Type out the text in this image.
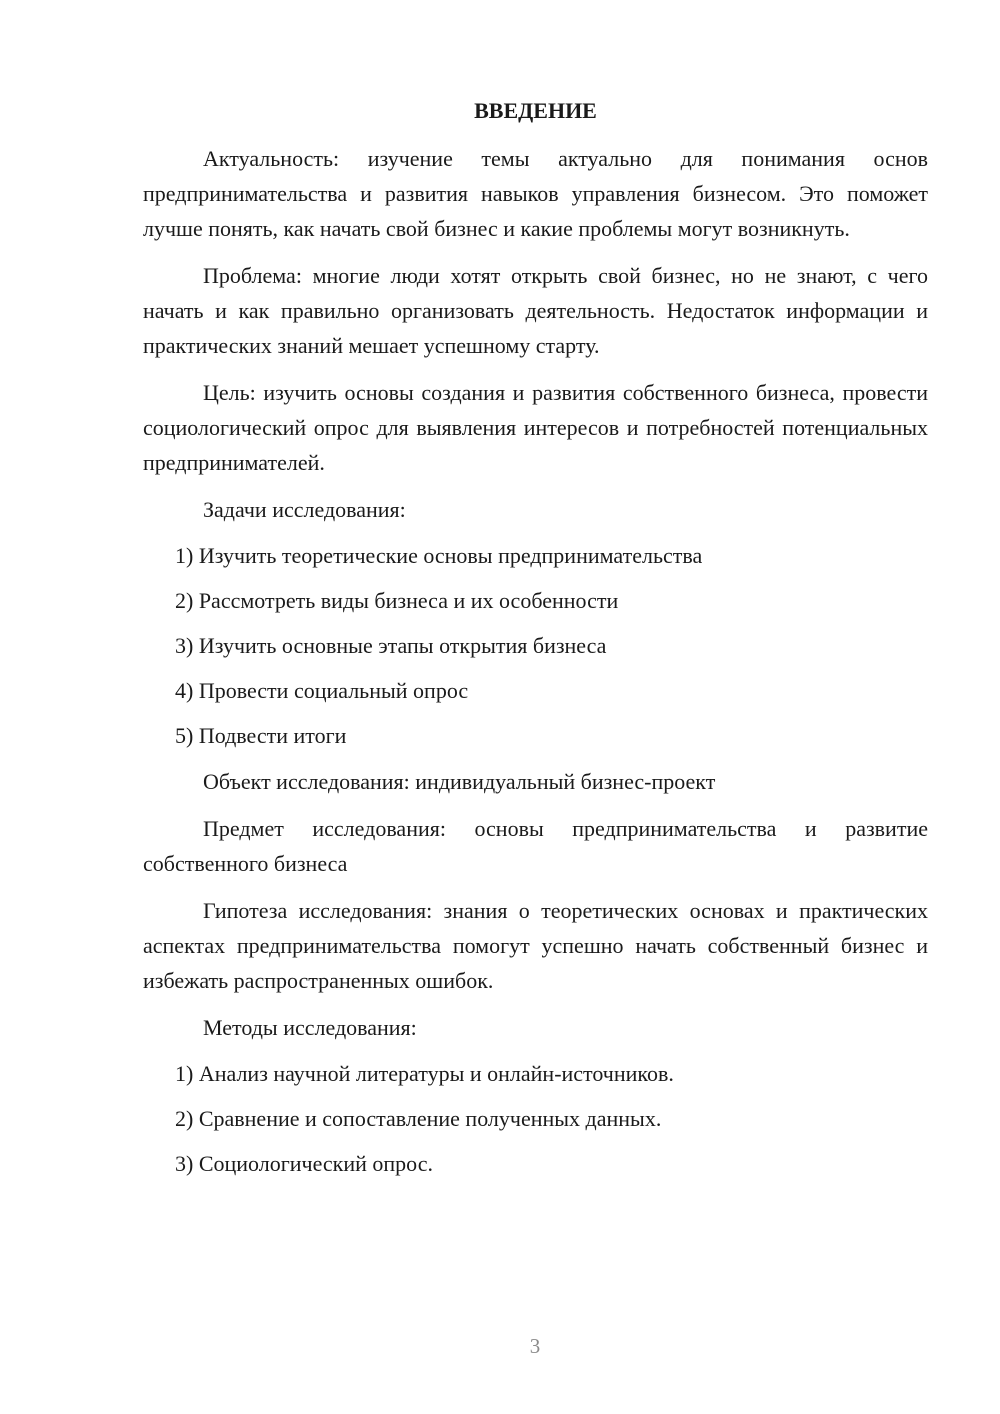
ВВЕДЕНИЕ

Актуальность: изучение темы актуально для понимания основ предпринимательства и развития навыков управления бизнесом. Это поможет лучше понять, как начать свой бизнес и какие проблемы могут возникнуть.

Проблема: многие люди хотят открыть свой бизнес, но не знают, с чего начать и как правильно организовать деятельность. Недостаток информации и практических знаний мешает успешному старту.

Цель: изучить основы создания и развития собственного бизнеса, провести социологический опрос для выявления интересов и потребностей потенциальных предпринимателей.

Задачи исследования:
1) Изучить теоретические основы предпринимательства
2) Рассмотреть виды бизнеса и их особенности
3) Изучить основные этапы открытия бизнеса
4) Провести социальный опрос
5) Подвести итоги

Объект исследования: индивидуальный бизнес-проект

Предмет исследования: основы предпринимательства и развитие собственного бизнеса

Гипотеза исследования: знания о теоретических основах и практических аспектах предпринимательства помогут успешно начать собственный бизнес и избежать распространенных ошибок.

Методы исследования:
1) Анализ научной литературы и онлайн-источников.
2) Сравнение и сопоставление полученных данных.
3) Социологический опрос.
3
